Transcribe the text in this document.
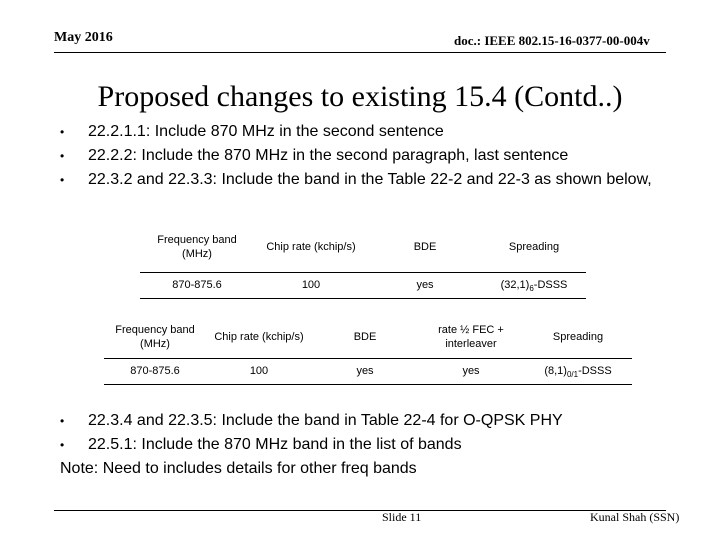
May 2016	doc.: IEEE 802.15-16-0377-00-004v
Proposed changes to existing 15.4 (Contd..)
• 22.2.1.1: Include 870 MHz in the second sentence
• 22.2.2: Include the 870 MHz in the second paragraph, last sentence
• 22.3.2 and 22.3.3: Include the band in the Table 22-2 and 22-3 as shown below,
Frequency band (MHz)	Chip rate (kchip/s)	BDE	Spreading
870-875.6	100	yes	$(32,1)_6$-DSSS
Frequency band (MHz)	Chip rate (kchip/s)	BDE	rate ½ FEC + interleaver	Spreading
870-875.6	100	yes	yes	$(8,1)_{0/1}$-DSSS
• 22.3.4 and 22.3.5: Include the band in Table 22-4 for O-QPSK PHY
• 22.5.1: Include the 870 MHz band in the list of bands
Note: Need to includes details for other freq bands
Slide 11	Kunal Shah (SSN)
